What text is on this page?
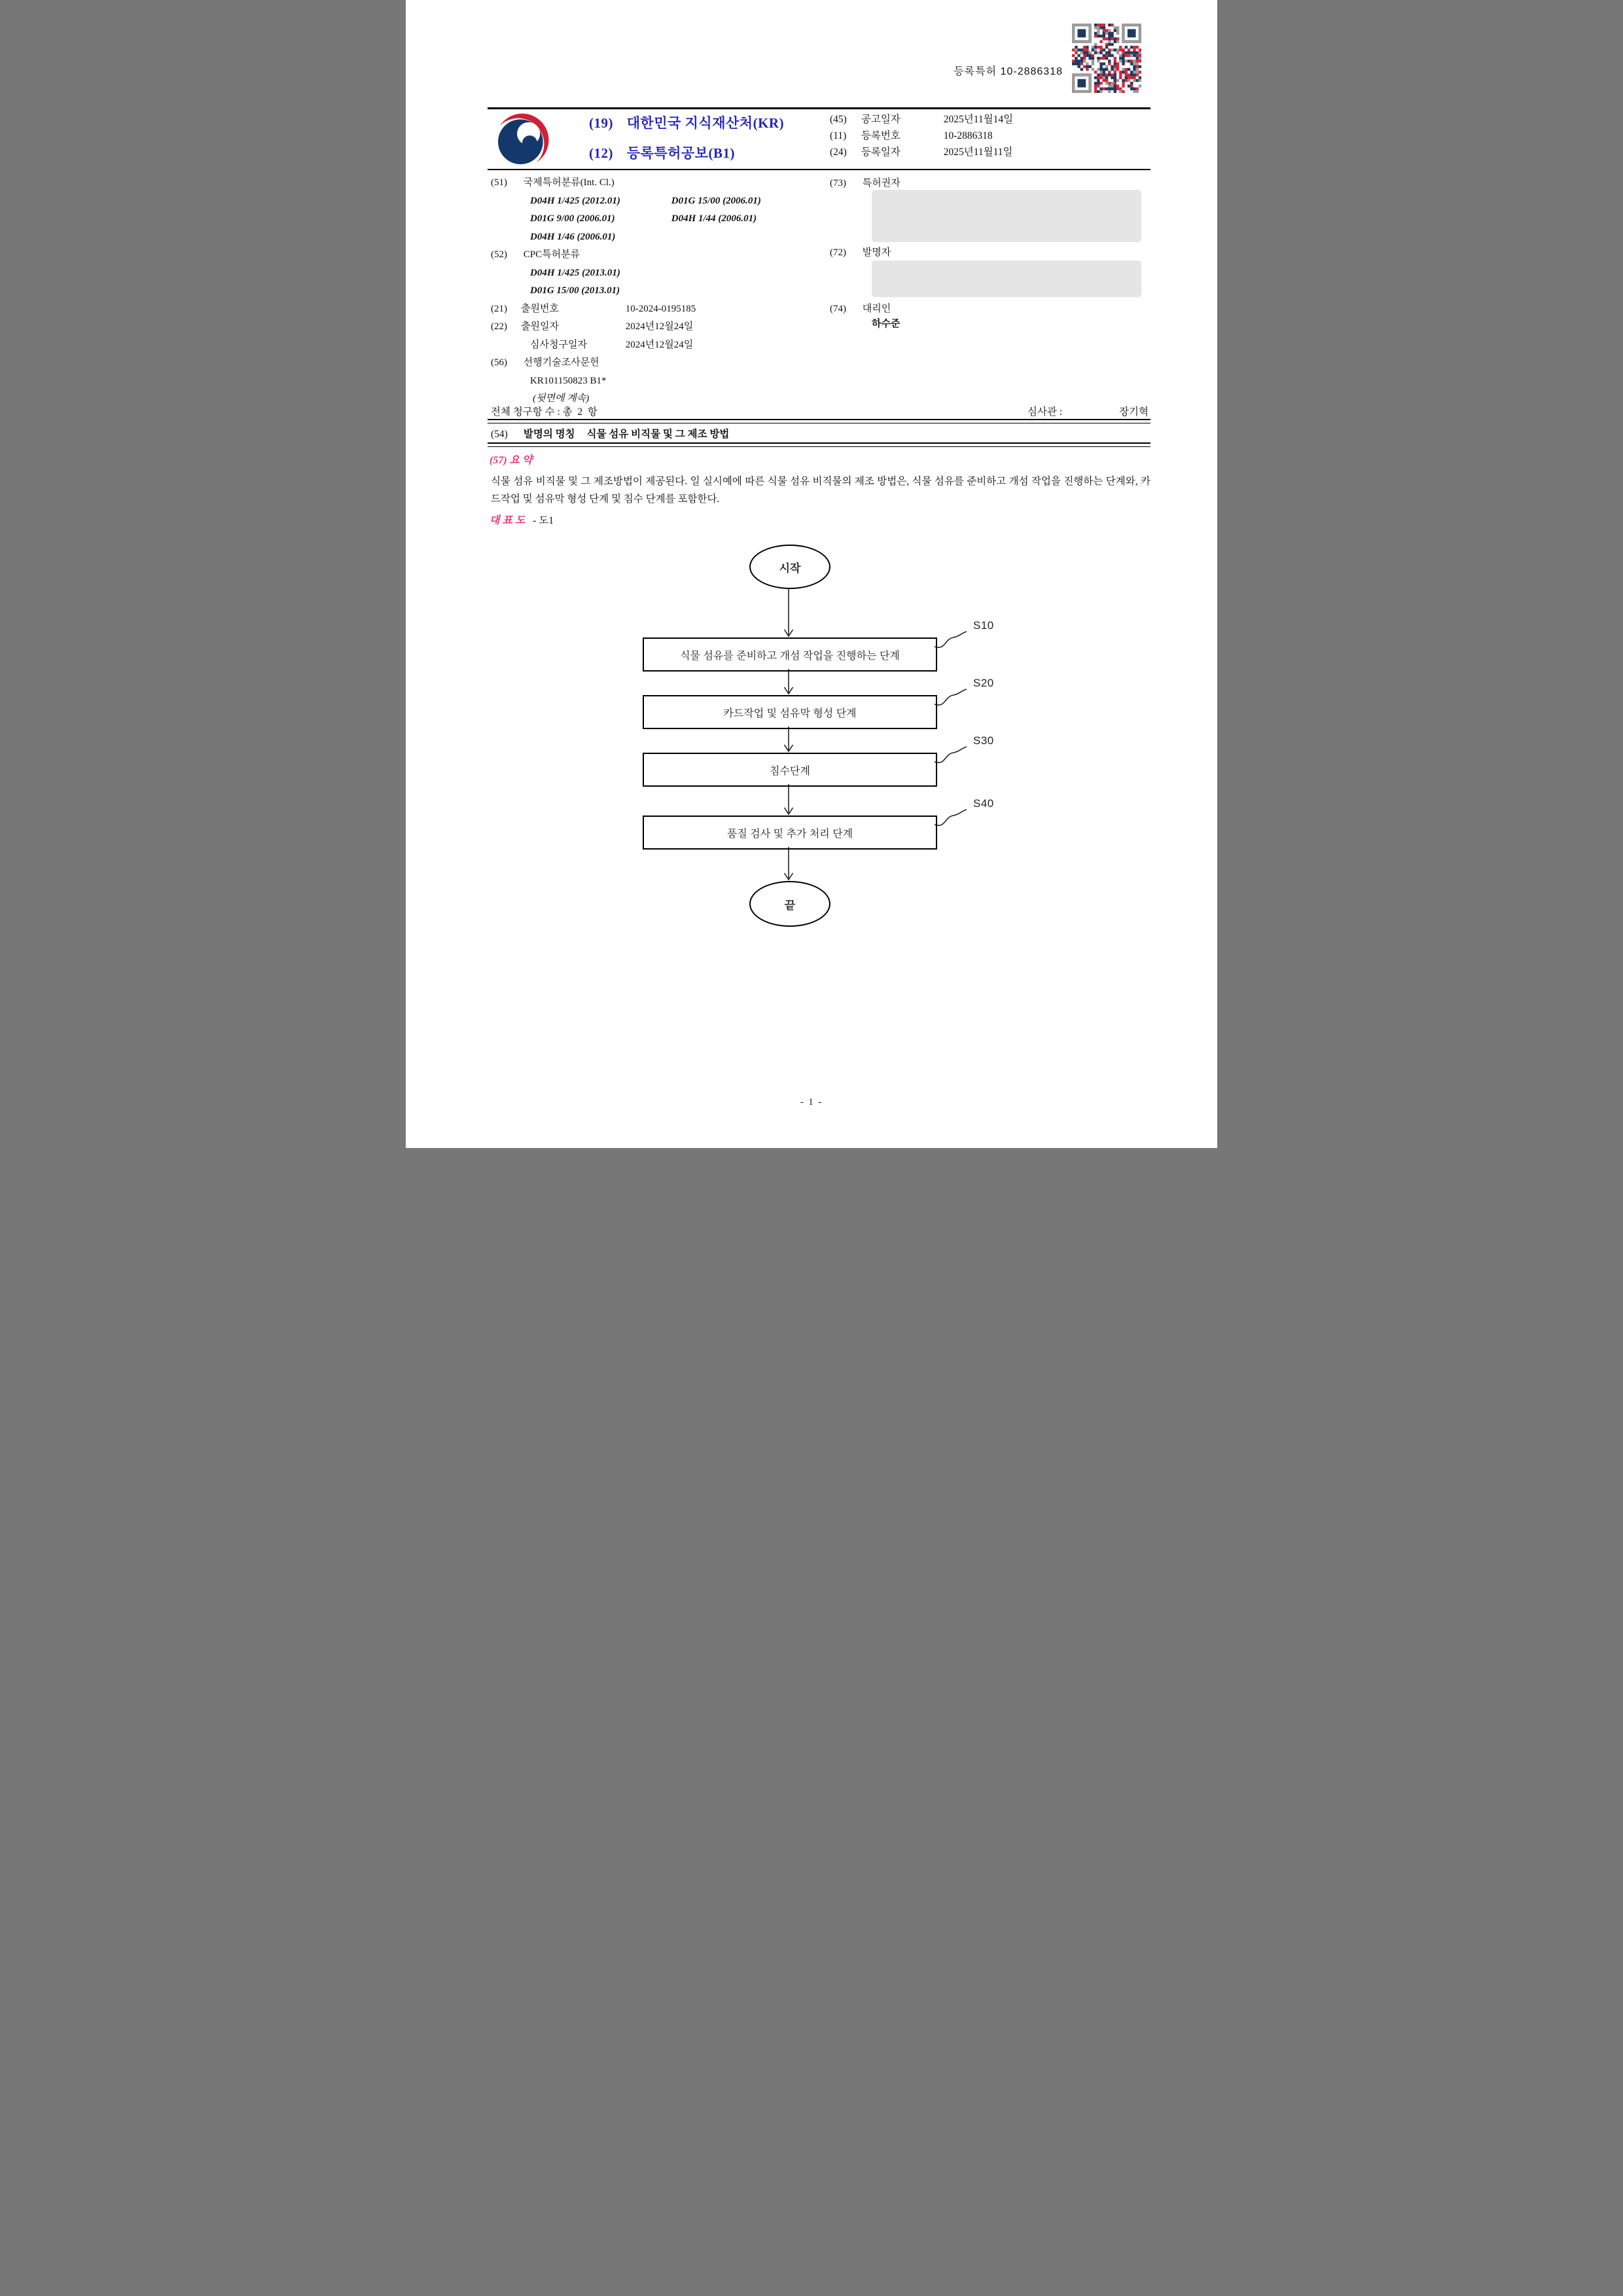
등록특허 10-2886318
(19) 대한민국 지식재산처(KR)
(12) 등록특허공보(B1)
(45) 공고일자	2025년11월14일
(11) 등록번호	10-2886318
(24) 등록일자	2025년11월11일
(51) 국제특허분류(Int. Cl.)
D04H 1/425 (2012.01)	D01G 15/00 (2006.01)
D01G 9/00 (2006.01)	D04H 1/44 (2006.01)
D04H 1/46 (2006.01)
(52) CPC특허분류
D04H 1/425 (2013.01)
D01G 15/00 (2013.01)
(21) 출원번호	10-2024-0195185
(22) 출원일자	2024년12월24일
심사청구일자	2024년12월24일
(56) 선행기술조사문헌
KR101150823 B1*
(뒷면에 계속)
(73) 특허권자
(72) 발명자
(74) 대리인
하수준
전체 청구항 수 : 총  2  항	심사관 :	장기혁
(54) 발명의 명칭 식물 섬유 비직물 및 그 제조 방법
(57) 요 약
식물 섬유 비직물 및 그 제조방법이 제공된다. 일 실시예에 따른 식물 섬유 비직물의 제조 방법은, 식물 섬유를 준비하고 개섬 작업을 진행하는 단계와, 카드작업 및 섬유막 형성 단계 및 침수 단계를 포함한다.
대 표 도 - 도1
시작
식물 섬유를 준비하고 개섬 작업을 진행하는 단계
S10
카드작업 및 섬유막 형성 단계
S20
침수단계
S30
품질 검사 및 추가 처리 단계
S40
끝
- 1 -
